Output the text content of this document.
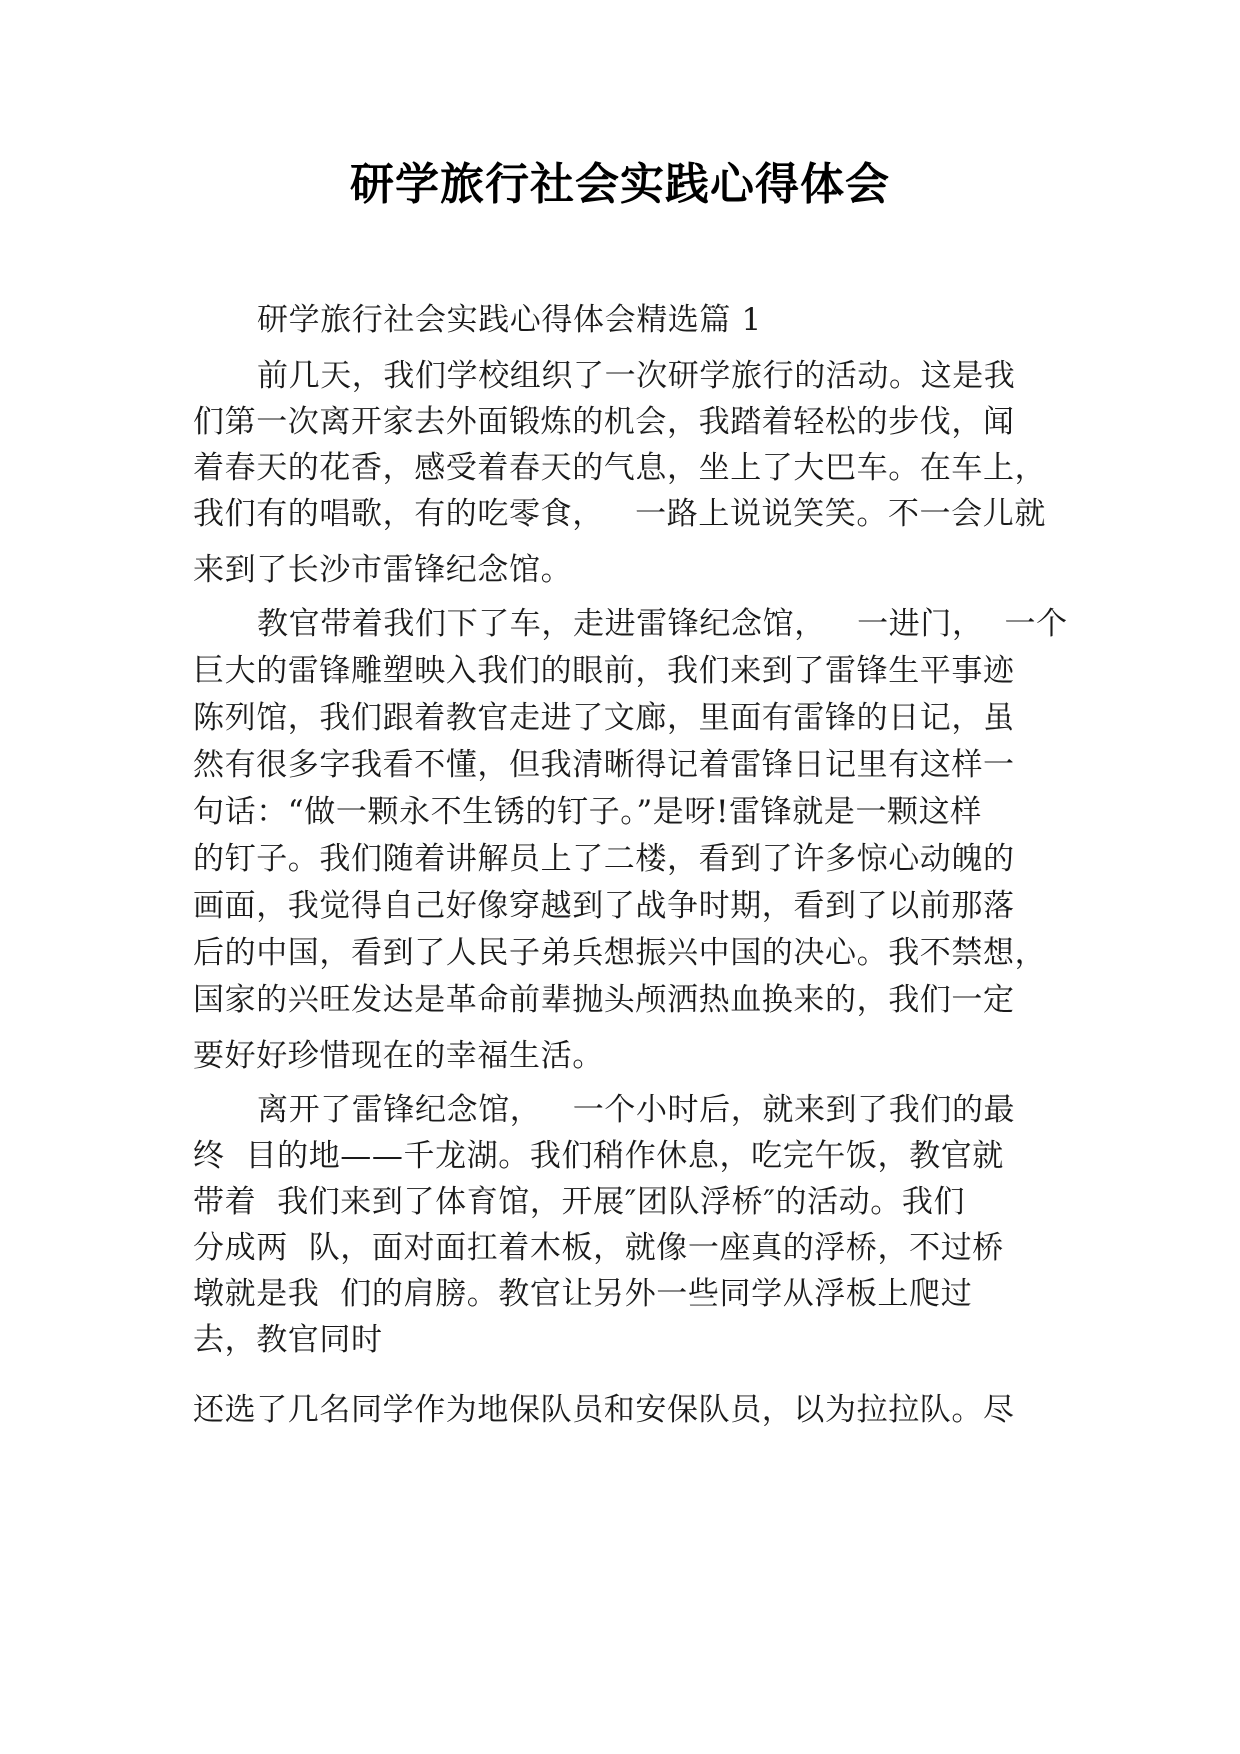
研学旅行社会实践心得体会
研学旅行社会实践心得体会精选篇 1
前几天，我们学校组织了一次研学旅行的活动。这是我
们第一次离开家去外面锻炼的机会，我踏着轻松的步伐，闻
着春天的花香，感受着春天的气息，坐上了大巴车。在车上，
我们有的唱歌，有的吃零食，   一路上说说笑笑。不一会儿就
来到了长沙市雷锋纪念馆。
教官带着我们下了车，走进雷锋纪念馆，   一进门，  一个
巨大的雷锋雕塑映入我们的眼前，我们来到了雷锋生平事迹
陈列馆，我们跟着教官走进了文廊，里面有雷锋的日记，虽
然有很多字我看不懂，但我清晰得记着雷锋日记里有这样一
句话：“做一颗永不生锈的钉子。”是呀!雷锋就是一颗这样
的钉子。我们随着讲解员上了二楼，看到了许多惊心动魄的
画面，我觉得自己好像穿越到了战争时期，看到了以前那落
后的中国，看到了人民子弟兵想振兴中国的决心。我不禁想，
国家的兴旺发达是革命前辈抛头颅洒热血换来的，我们一定
要好好珍惜现在的幸福生活。
离开了雷锋纪念馆，   一个小时后，就来到了我们的最
终  目的地——千龙湖。我们稍作休息，吃完午饭，教官就
带着  我们来到了体育馆，开展″团队浮桥″的活动。我们
分成两  队，面对面扛着木板，就像一座真的浮桥，不过桥
墩就是我  们的肩膀。教官让另外一些同学从浮板上爬过
去，教官同时
还选了几名同学作为地保队员和安保队员，以为拉拉队。尽
